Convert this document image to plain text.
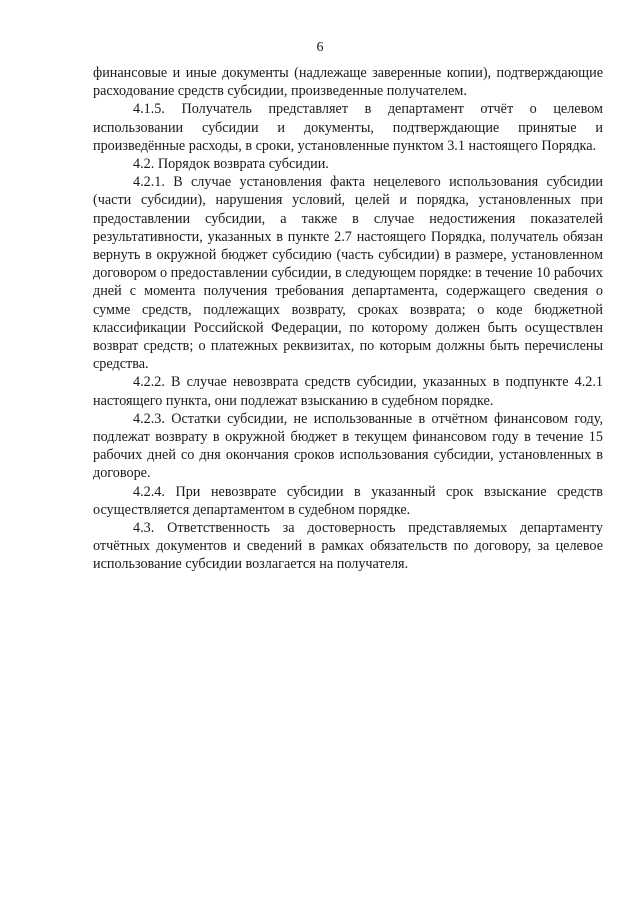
6

финансовые и иные документы (надлежаще заверенные копии), подтверждающие расходование средств субсидии, произведенные получателем.

4.1.5. Получатель представляет в департамент отчёт о целевом использовании субсидии и документы, подтверждающие принятые и произведённые расходы, в сроки, установленные пунктом 3.1 настоящего Порядка.

4.2. Порядок возврата субсидии.

4.2.1. В случае установления факта нецелевого использования субсидии (части субсидии), нарушения условий, целей и порядка, установленных при предоставлении субсидии, а также в случае недостижения показателей результативности, указанных в пункте 2.7 настоящего Порядка, получатель обязан вернуть в окружной бюджет субсидию (часть субсидии) в размере, установленном договором о предоставлении субсидии, в следующем порядке: в течение 10 рабочих дней с момента получения требования департамента, содержащего сведения о сумме средств, подлежащих возврату, сроках возврата; о коде бюджетной классификации Российской Федерации, по которому должен быть осуществлен возврат средств; о платежных реквизитах, по которым должны быть перечислены средства.

4.2.2. В случае невозврата средств субсидии, указанных в подпункте 4.2.1 настоящего пункта, они подлежат взысканию в судебном порядке.

4.2.3. Остатки субсидии, не использованные в отчётном финансовом году, подлежат возврату в окружной бюджет в текущем финансовом году в течение 15 рабочих дней со дня окончания сроков использования субсидии, установленных в договоре.

4.2.4. При невозврате субсидии в указанный срок взыскание средств осуществляется департаментом в судебном порядке.

4.3. Ответственность за достоверность представляемых департаменту отчётных документов и сведений в рамках обязательств по договору, за целевое использование субсидии возлагается на получателя.
